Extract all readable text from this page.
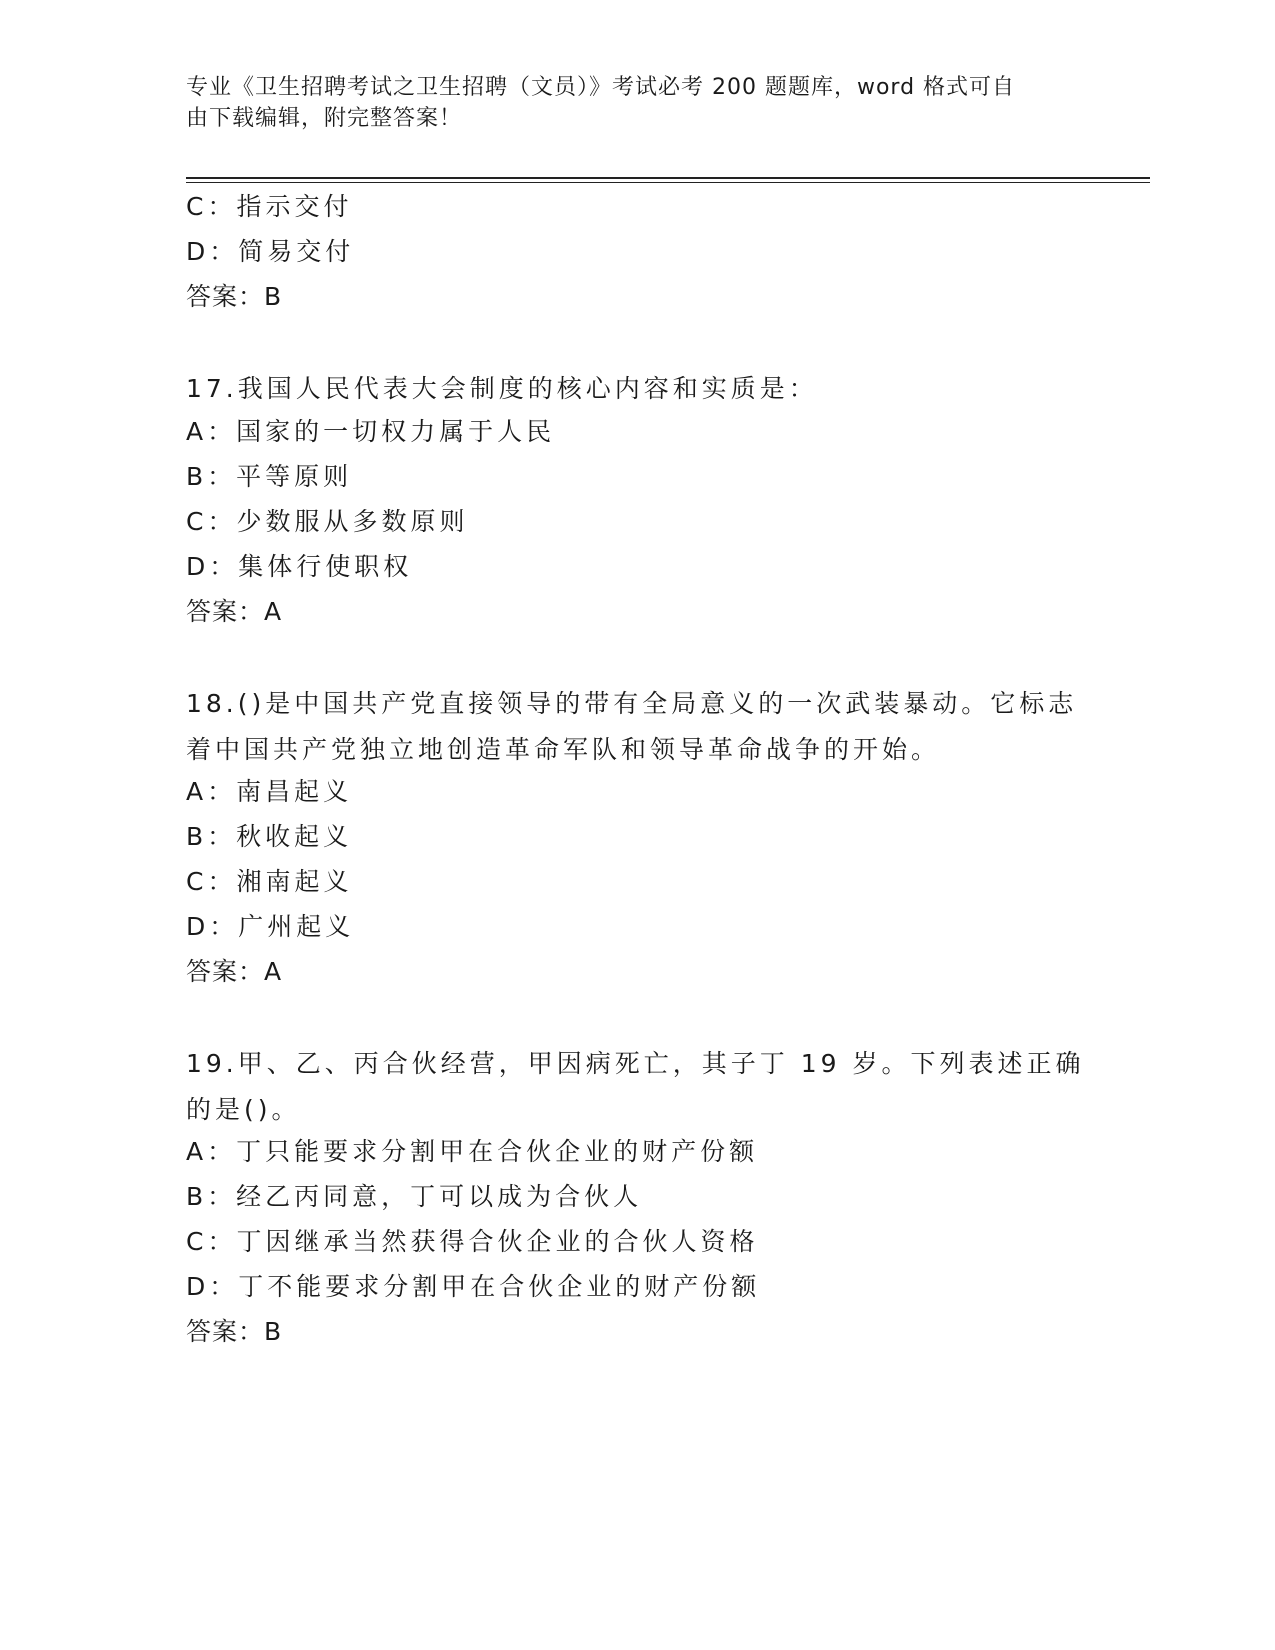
专业《卫生招聘考试之卫生招聘（文员）》考试必考 200 题题库，word 格式可自
由下载编辑，附完整答案！
C：指示交付
D：简易交付
答案：B
17.我国人民代表大会制度的核心内容和实质是：
A：国家的一切权力属于人民
B：平等原则
C：少数服从多数原则
D：集体行使职权
答案：A
18.()是中国共产党直接领导的带有全局意义的一次武装暴动。它标志
着中国共产党独立地创造革命军队和领导革命战争的开始。
A：南昌起义
B：秋收起义
C：湘南起义
D：广州起义
答案：A
19.甲、乙、丙合伙经营，甲因病死亡，其子丁 19 岁。下列表述正确
的是()。
A：丁只能要求分割甲在合伙企业的财产份额
B：经乙丙同意，丁可以成为合伙人
C：丁因继承当然获得合伙企业的合伙人资格
D：丁不能要求分割甲在合伙企业的财产份额
答案：B
